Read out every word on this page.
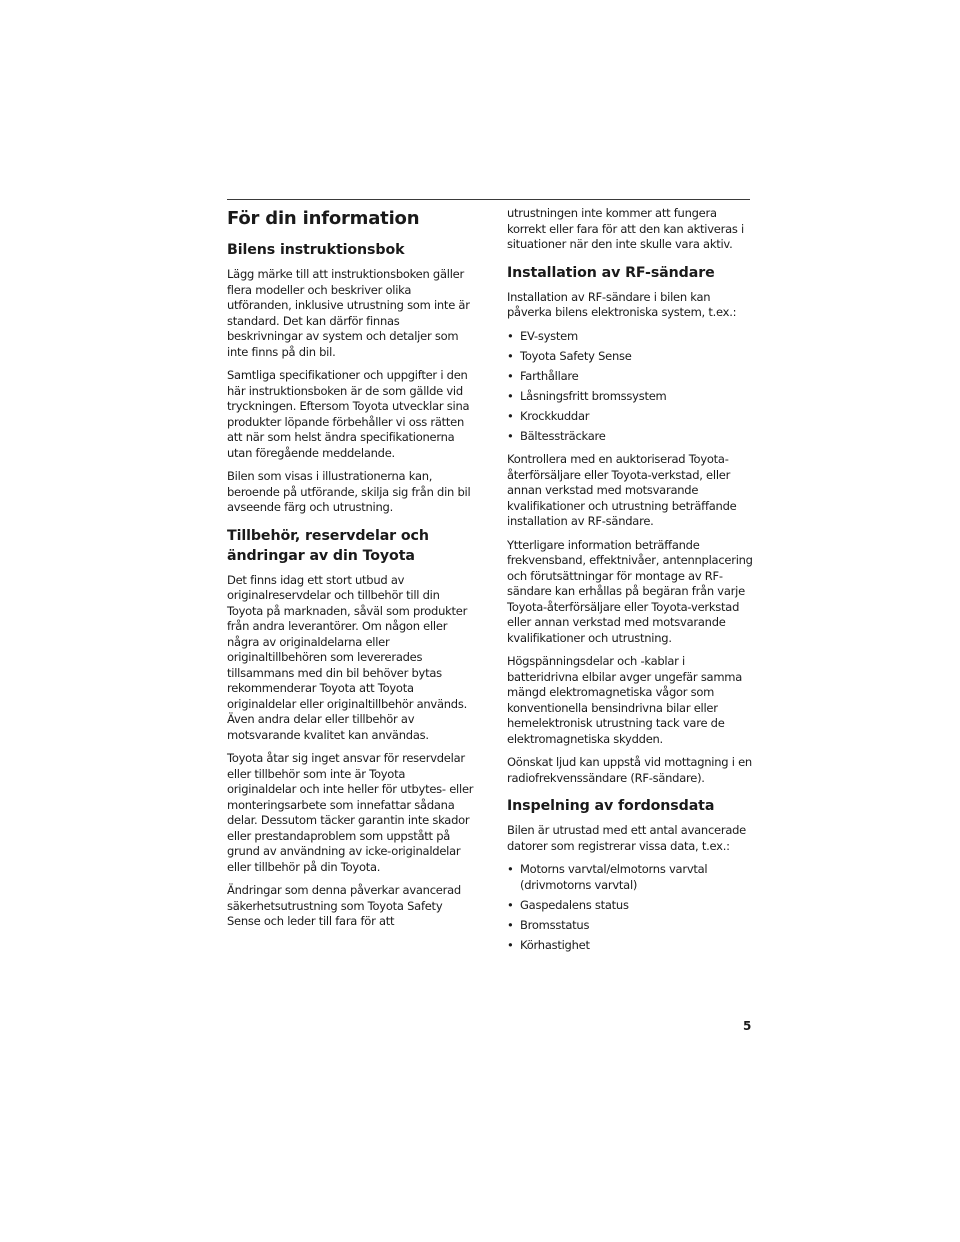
För din information
Bilens instruktionsbok

Lägg märke till att instruktionsboken gäller flera modeller och beskriver olika utföranden, inklusive utrustning som inte är standard. Det kan därför finnas beskrivningar av system och detaljer som inte finns på din bil.

Samtliga specifikationer och uppgifter i den här instruktionsboken är de som gällde vid tryckningen. Eftersom Toyota utvecklar sina produkter löpande förbehåller vi oss rätten att när som helst ändra specifikationerna utan föregående meddelande.

Bilen som visas i illustrationerna kan, beroende på utförande, skilja sig från din bil avseende färg och utrustning.

Tillbehör, reservdelar och ändringar av din Toyota

Det finns idag ett stort utbud av originalreservdelar och tillbehör till din Toyota på marknaden, såväl som produkter från andra leverantörer. Om någon eller några av originaldelarna eller originaltillbehören som levererades tillsammans med din bil behöver bytas rekommenderar Toyota att Toyota originaldelar eller originaltillbehör används. Även andra delar eller tillbehör av motsvarande kvalitet kan användas.

Toyota åtar sig inget ansvar för reservdelar eller tillbehör som inte är Toyota originaldelar och inte heller för utbytes- eller monteringsarbete som innefattar sådana delar. Dessutom täcker garantin inte skador eller prestandaproblem som uppstått på grund av användning av icke-originaldelar eller tillbehör på din Toyota.

Ändringar som denna påverkar avancerad säkerhetsutrustning som Toyota Safety Sense och leder till fara för att

utrustningen inte kommer att fungera korrekt eller fara för att den kan aktiveras i situationer när den inte skulle vara aktiv.

Installation av RF-sändare

Installation av RF-sändare i bilen kan påverka bilens elektroniska system, t.ex.:

• EV-system
• Toyota Safety Sense
• Farthållare
• Låsningsfritt bromssystem
• Krockkuddar
• Bältessträckare

Kontrollera med en auktoriserad Toyota-återförsäljare eller Toyota-verkstad, eller annan verkstad med motsvarande kvalifikationer och utrustning beträffande installation av RF-sändare.

Ytterligare information beträffande frekvensband, effektnivåer, antennplacering och förutsättningar för montage av RF-sändare kan erhållas på begäran från varje Toyota-återförsäljare eller Toyota-verkstad eller annan verkstad med motsvarande kvalifikationer och utrustning.

Högspänningsdelar och -kablar i batteridrivna elbilar avger ungefär samma mängd elektromagnetiska vågor som konventionella bensindrivna bilar eller hemelektronisk utrustning tack vare de elektromagnetiska skydden.

Oönskat ljud kan uppstå vid mottagning i en radiofrekvenssändare (RF-sändare).

Inspelning av fordonsdata

Bilen är utrustad med ett antal avancerade datorer som registrerar vissa data, t.ex.:

• Motorns varvtal/elmotorns varvtal (drivmotorns varvtal)
• Gaspedalens status
• Bromsstatus
• Körhastighet
5
